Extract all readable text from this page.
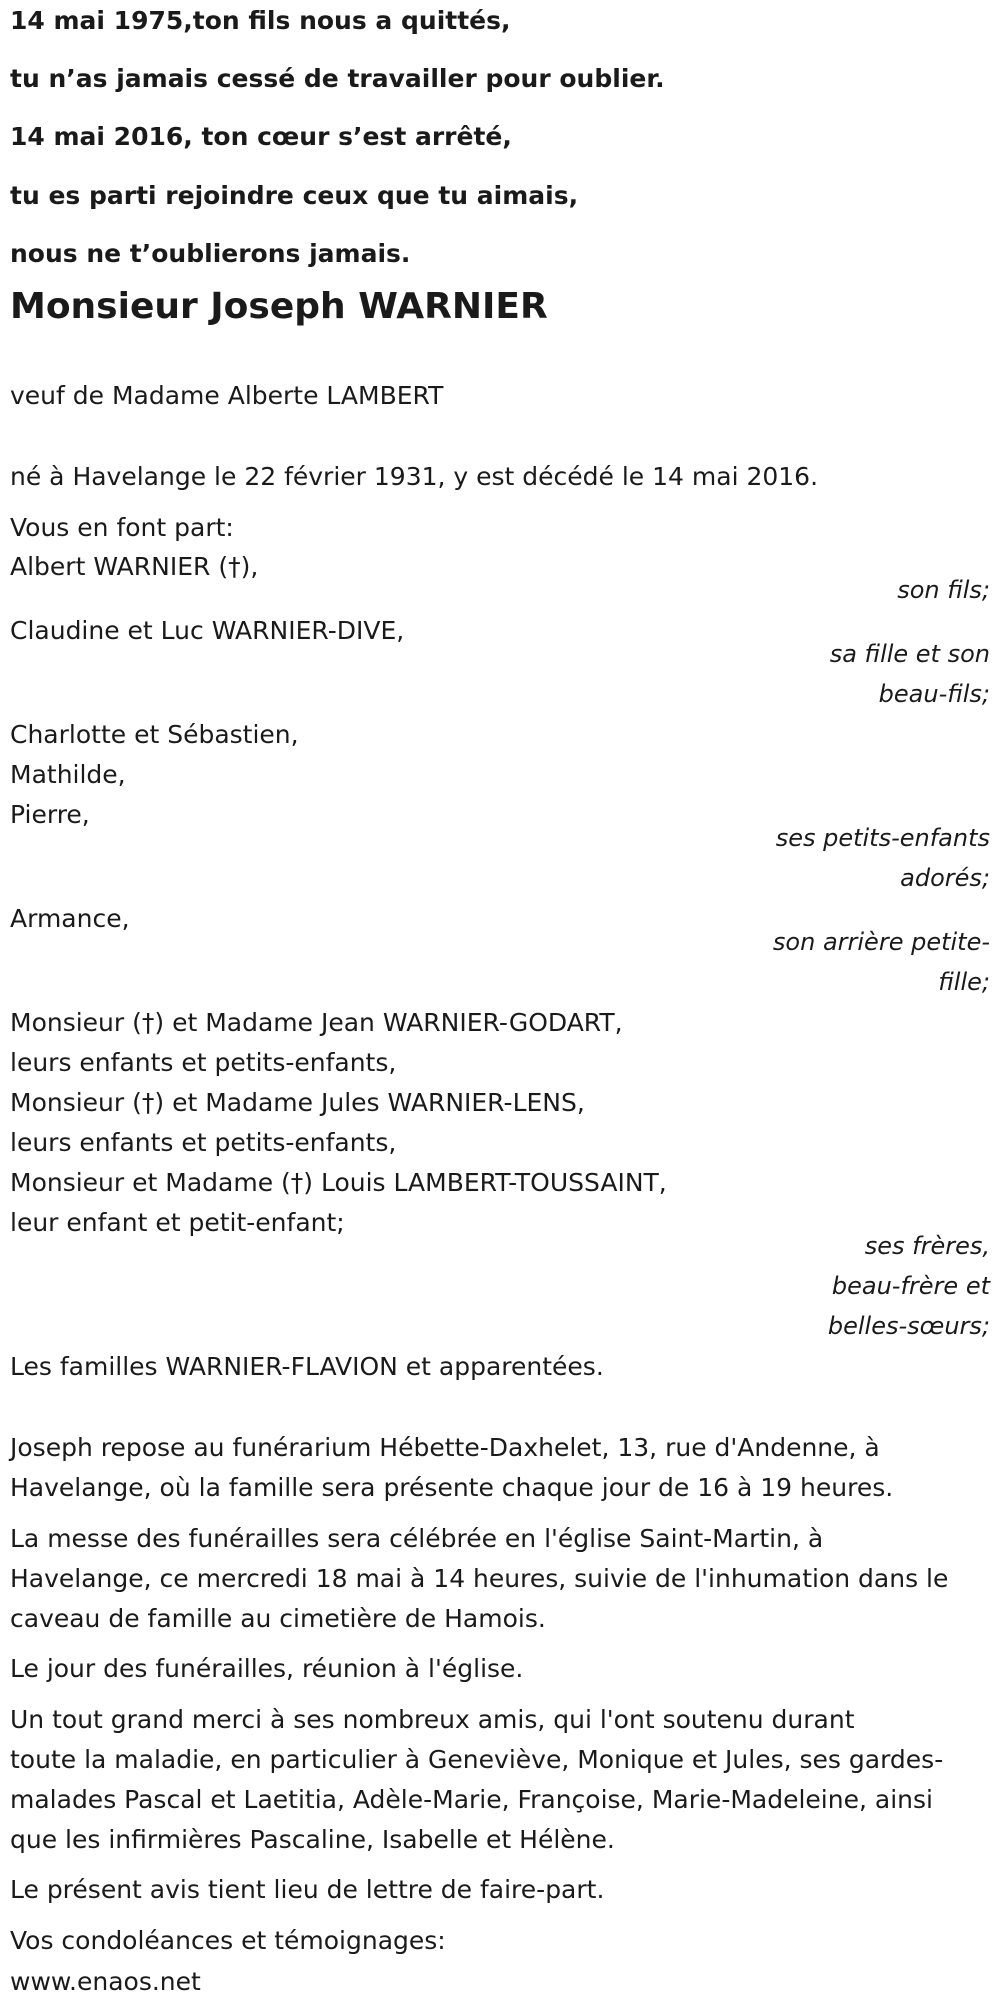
14 mai 1975,ton fils nous a quittés,

tu n’as jamais cessé de travailler pour oublier.

14 mai 2016, ton cœur s’est arrêté,

tu es parti rejoindre ceux que tu aimais,

nous ne t’oublierons jamais.

Monsieur Joseph WARNIER

veuf de Madame Alberte LAMBERT

né à Havelange le 22 février 1931, y est décédé le 14 mai 2016.

Vous en font part:

Albert WARNIER (†),

son fils;

Claudine et Luc WARNIER-DIVE,

sa fille et son

beau-fils;

Charlotte et Sébastien,

Mathilde,

Pierre,

ses petits-enfants

adorés;

Armance,

son arrière petite-

fille;

Monsieur (†) et Madame Jean WARNIER-GODART,

leurs enfants et petits-enfants,

Monsieur (†) et Madame Jules WARNIER-LENS,

leurs enfants et petits-enfants,

Monsieur et Madame (†) Louis LAMBERT-TOUSSAINT,

leur enfant et petit-enfant;

ses frères,

beau-frère et

belles-sœurs;

Les familles WARNIER-FLAVION et apparentées.

Joseph repose au funérarium Hébette-Daxhelet, 13, rue d'Andenne, à

Havelange, où la famille sera présente chaque jour de 16 à 19 heures.

La messe des funérailles sera célébrée en l'église Saint-Martin, à

Havelange, ce mercredi 18 mai à 14 heures, suivie de l'inhumation dans le

caveau de famille au cimetière de Hamois.

Le jour des funérailles, réunion à l'église.

Un tout grand merci à ses nombreux amis, qui l'ont soutenu durant

toute la maladie, en particulier à Geneviève, Monique et Jules, ses gardes-

malades Pascal et Laetitia, Adèle-Marie, Françoise, Marie-Madeleine, ainsi

que les infirmières Pascaline, Isabelle et Hélène.

Le présent avis tient lieu de lettre de faire-part.

Vos condoléances et témoignages:

www.enaos.net
